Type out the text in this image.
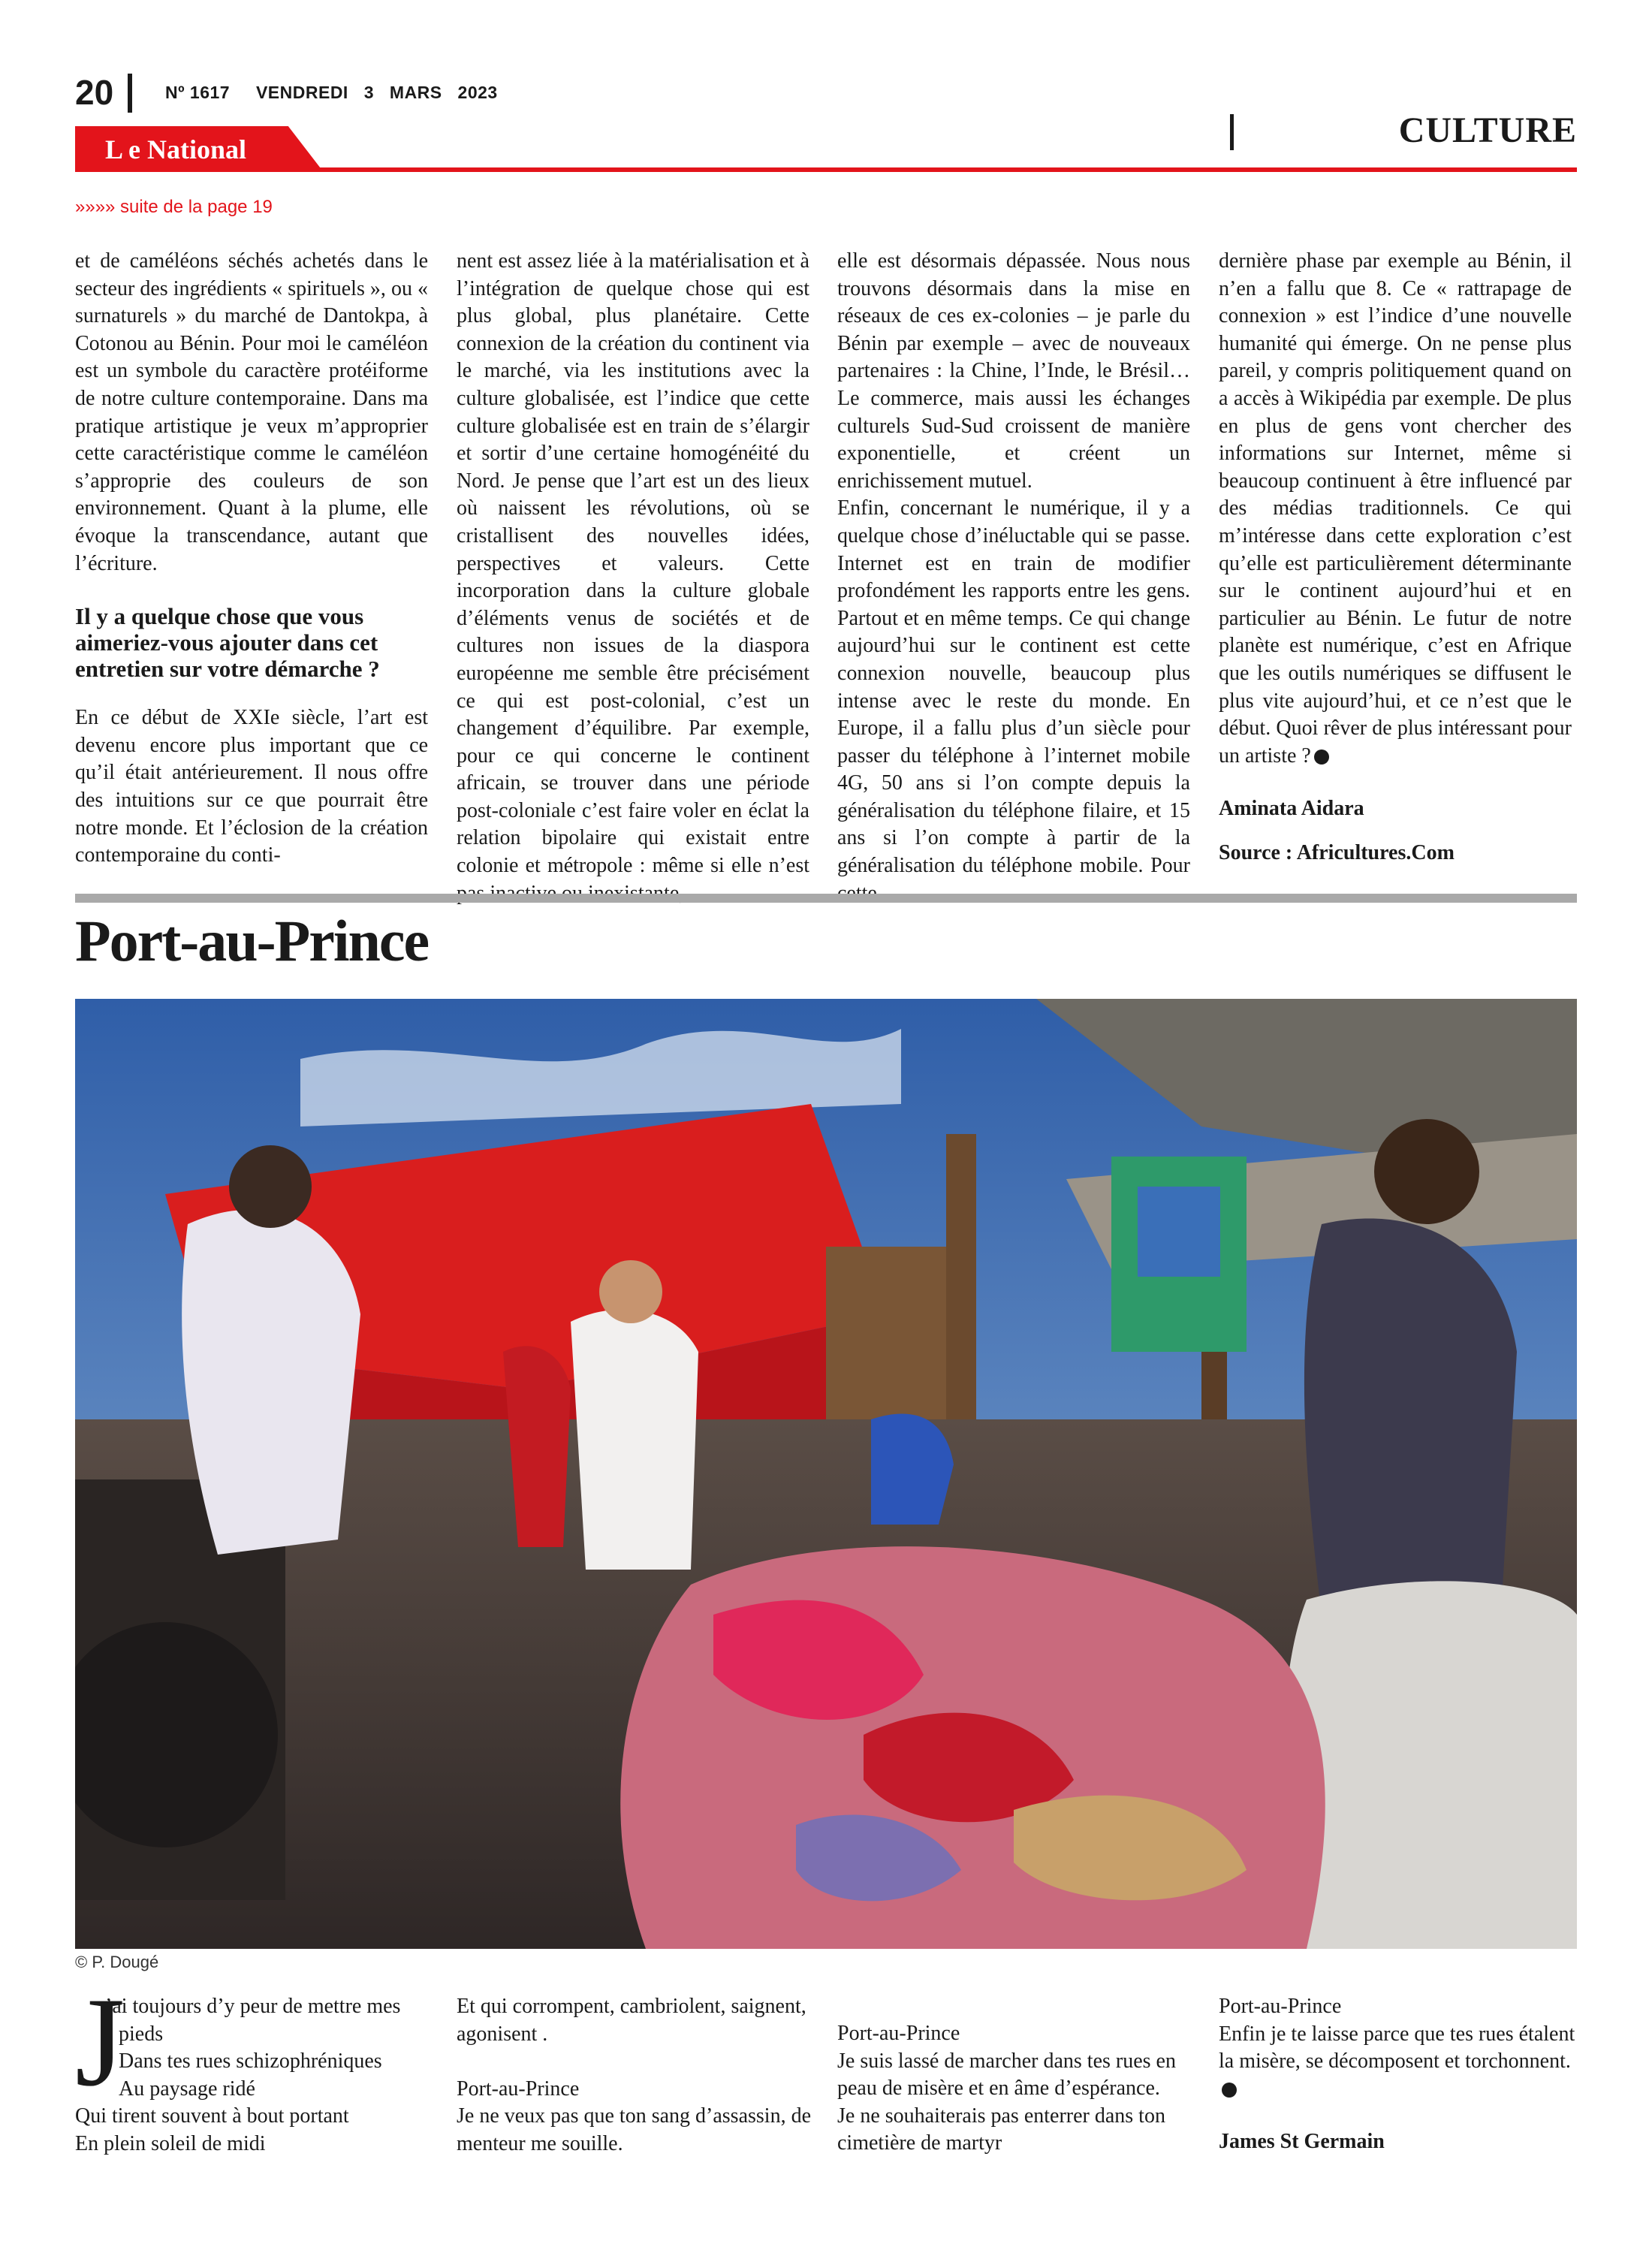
20	Nº 1617 VENDREDI 3 MARS 2023
CULTURE
L e National
»»»» suite de la page 19

et de caméléons séchés achetés dans le secteur des ingrédients « spirituels », ou « surnaturels » du marché de Dantokpa, à Cotonou au Bénin. Pour moi le caméléon est un symbole du caractère protéiforme de notre culture contemporaine. Dans ma pratique artistique je veux m’approprier cette caractéristique comme le caméléon s’approprie des couleurs de son environnement. Quant à la plume, elle évoque la transcendance, autant que l’écriture.

Il y a quelque chose que vous aimeriez-vous ajouter dans cet entretien sur votre démarche ?

En ce début de XXIe siècle, l’art est devenu encore plus important que ce qu’il était antérieurement. Il nous offre des intuitions sur ce que pourrait être notre monde. Et l’éclosion de la création contemporaine du conti-

nent est assez liée à la matérialisation et à l’intégration de quelque chose qui est plus global, plus planétaire. Cette connexion de la création du continent via le marché, via les institutions avec la culture globalisée, est l’indice que cette culture globalisée est en train de s’élargir et sortir d’une certaine homogénéité du Nord. Je pense que l’art est un des lieux où naissent les révolutions, où se cristallisent des nouvelles idées, perspectives et valeurs. Cette incorporation dans la culture globale d’éléments venus de sociétés et de cultures non issues de la diaspora européenne me semble être précisément ce qui est post-colonial, c’est un changement d’équilibre. Par exemple, pour ce qui concerne le continent africain, se trouver dans une période post-coloniale c’est faire voler en éclat la relation bipolaire qui existait entre colonie et métropole : même si elle n’est

elle est désormais dépassée. Nous nous trouvons désormais dans la mise en réseaux de ces ex-colonies – je parle du Bénin par exemple – avec de nouveaux partenaires : la Chine, l’Inde, le Brésil… Le commerce, mais aussi les échanges culturels Sud-Sud croissent de manière exponentielle, et créent un enrichissement mutuel.

Enfin, concernant le numérique, il y a quelque chose d’inéluctable qui se passe. Internet est en train de modifier profondément les rapports entre les gens. Partout et en même temps. Ce qui change aujourd’hui sur le continent est cette connexion nouvelle, beaucoup plus intense avec le reste du monde. En Europe, il a fallu plus d’un siècle pour passer du téléphone à l’internet mobile 4G, 50 ans si l’on compte depuis la généralisation du téléphone filaire, et 15 ans si l’on compte à partir de la généralisation du téléphone mobile. Pour

dernière phase par exemple au Bénin, il n’en a fallu que 8. Ce « rattrapage de connexion » est l’indice d’une nouvelle humanité qui émerge. On ne pense plus pareil, y compris politiquement quand on a accès à Wikipédia par exemple. De plus en plus de gens vont chercher des informations sur Internet, même si beaucoup continuent à être influencé par des médias traditionnels. Ce qui m’intéresse dans cette exploration c’est qu’elle est particulièrement déterminante sur le continent aujourd’hui et en particulier au Bénin. Le futur de notre planète est numérique, c’est en Afrique que les outils numériques se diffusent le plus vite aujourd’hui, et ce n’est que le début. Quoi rêver de plus intéressant pour un artiste ?

Aminata Aidara

Source : Africultures.Com

Port-au-Prince
© P. Dougé
J

’ai toujours d’y peur de mettre mes

pieds

Dans tes rues schizophréniques

Au paysage ridé

Qui tirent souvent à bout portant

En plein soleil de midi

Et qui corrompent, cambriolent, saignent, agonisent .

Port-au-Prince

Je ne veux pas que ton sang d’assassin, de menteur me souille.

Port-au-Prince

Je suis lassé de marcher dans tes rues en peau de misère et en âme d’espérance.

Je ne souhaiterais pas enterrer dans ton cimetière de martyr

Port-au-Prince

Enfin je te laisse parce que tes rues étalent la misère, se décomposent et torchonnent.

James St Germain
